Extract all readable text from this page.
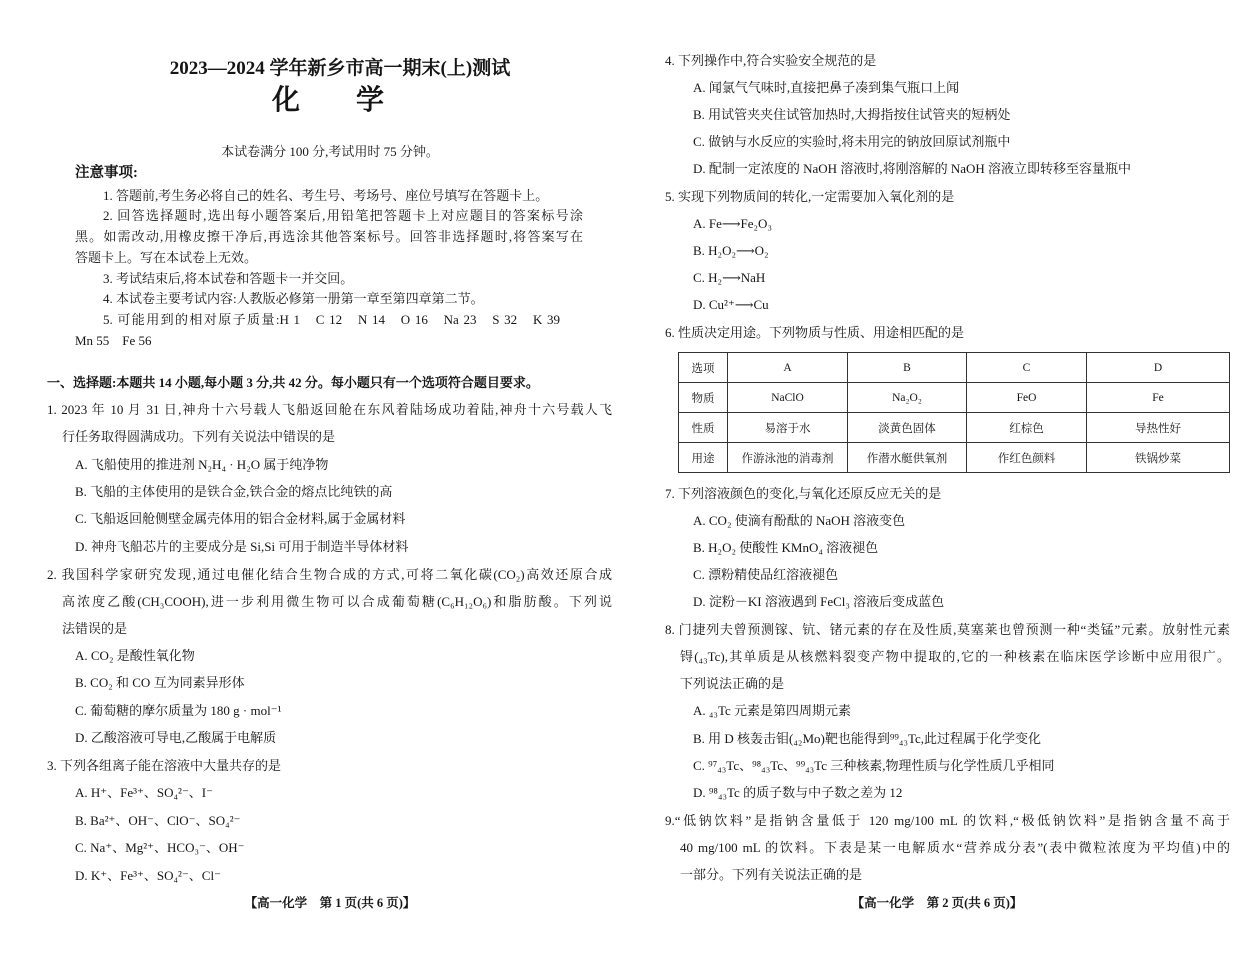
2023—2024 学年新乡市高一期末(上)测试
化　　学
本试卷满分 100 分,考试用时 75 分钟。
注意事项:
1. 答题前,考生务必将自己的姓名、考生号、考场号、座位号填写在答题卡上。
2. 回答选择题时,选出每小题答案后,用铅笔把答题卡上对应题目的答案标号涂
黑。如需改动,用橡皮擦干净后,再选涂其他答案标号。回答非选择题时,将答案写在
答题卡上。写在本试卷上无效。
3. 考试结束后,将本试卷和答题卡一并交回。
4. 本试卷主要考试内容:人教版必修第一册第一章至第四章第二节。
5. 可能用到的相对原子质量:H 1　C 12　N 14　O 16　Na 23　S 32　K 39
Mn 55　Fe 56
一、选择题:本题共 14 小题,每小题 3 分,共 42 分。每小题只有一个选项符合题目要求。
1. 2023 年 10 月 31 日,神舟十六号载人飞船返回舱在东风着陆场成功着陆,神舟十六号载人飞
行任务取得圆满成功。下列有关说法中错误的是
A. 飞船使用的推进剂 N₂H₄ · H₂O 属于纯净物
B. 飞船的主体使用的是铁合金,铁合金的熔点比纯铁的高
C. 飞船返回舱侧壁金属壳体用的铝合金材料,属于金属材料
D. 神舟飞船芯片的主要成分是 Si,Si 可用于制造半导体材料
2. 我国科学家研究发现,通过电催化结合生物合成的方式,可将二氧化碳(CO₂)高效还原合成
高浓度乙酸(CH₃COOH),进一步利用微生物可以合成葡萄糖(C₆H₁₂O₆)和脂肪酸。下列说
法错误的是
A. CO₂ 是酸性氧化物
B. CO₂ 和 CO 互为同素异形体
C. 葡萄糖的摩尔质量为 180 g · mol⁻¹
D. 乙酸溶液可导电,乙酸属于电解质
3. 下列各组离子能在溶液中大量共存的是
A. H⁺、Fe³⁺、SO₄²⁻、I⁻
B. Ba²⁺、OH⁻、ClO⁻、SO₄²⁻
C. Na⁺、Mg²⁺、HCO₃⁻、OH⁻
D. K⁺、Fe³⁺、SO₄²⁻、Cl⁻
【高一化学　第 1 页(共 6 页)】
4. 下列操作中,符合实验安全规范的是
A. 闻氯气气味时,直接把鼻子凑到集气瓶口上闻
B. 用试管夹夹住试管加热时,大拇指按住试管夹的短柄处
C. 做钠与水反应的实验时,将未用完的钠放回原试剂瓶中
D. 配制一定浓度的 NaOH 溶液时,将刚溶解的 NaOH 溶液立即转移至容量瓶中
5. 实现下列物质间的转化,一定需要加入氧化剂的是
A. Fe⟶Fe₂O₃
B. H₂O₂⟶O₂
C. H₂⟶NaH
D. Cu²⁺⟶Cu
6. 性质决定用途。下列物质与性质、用途相匹配的是
选项	A	B	C	D
物质	NaClO	Na₂O₂	FeO	Fe
性质	易溶于水	淡黄色固体	红棕色	导热性好
用途	作游泳池的消毒剂	作潜水艇供氧剂	作红色颜料	铁锅炒菜
7. 下列溶液颜色的变化,与氧化还原反应无关的是
A. CO₂ 使滴有酚酞的 NaOH 溶液变色
B. H₂O₂ 使酸性 KMnO₄ 溶液褪色
C. 漂粉精使品红溶液褪色
D. 淀粉－KI 溶液遇到 FeCl₃ 溶液后变成蓝色
8. 门捷列夫曾预测镓、钪、锗元素的存在及性质,莫塞莱也曾预测一种“类锰”元素。放射性元素
锝(₄₃Tc),其单质是从核燃料裂变产物中提取的,它的一种核素在临床医学诊断中应用很广。
下列说法正确的是
A. ₄₃Tc 元素是第四周期元素
B. 用 D 核轰击钼(₄₂Mo)靶也能得到⁹⁹₄₃Tc,此过程属于化学变化
C. ⁹⁷₄₃Tc、⁹⁸₄₃Tc、⁹⁹₄₃Tc 三种核素,物理性质与化学性质几乎相同
D. ⁹⁸₄₃Tc 的质子数与中子数之差为 12
9.“低钠饮料”是指钠含量低于 120 mg/100 mL 的饮料,“极低钠饮料”是指钠含量不高于
40 mg/100 mL 的饮料。下表是某一电解质水“营养成分表”(表中微粒浓度为平均值)中的
一部分。下列有关说法正确的是
【高一化学　第 2 页(共 6 页)】
